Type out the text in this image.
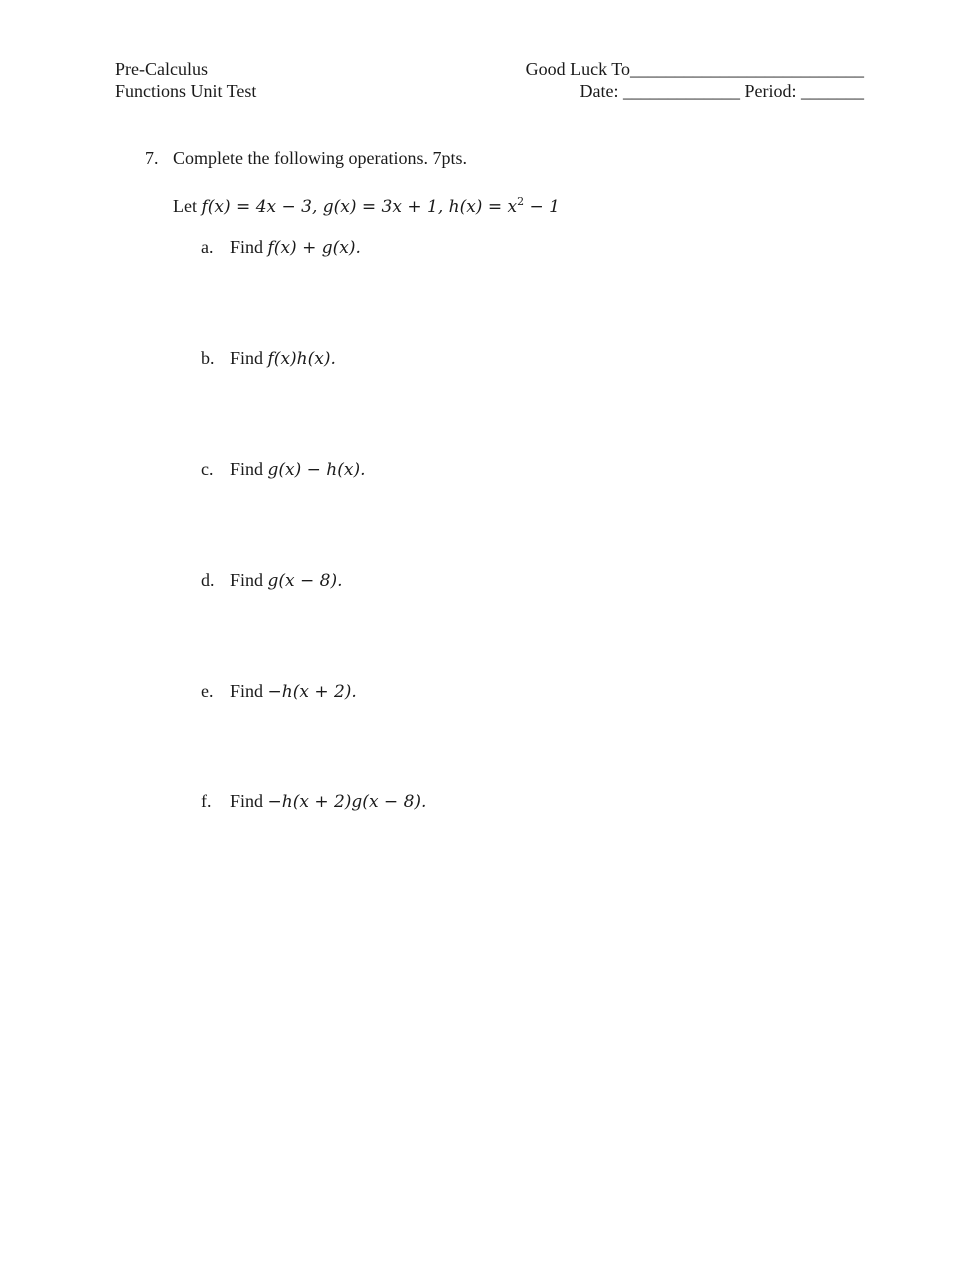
Pre-Calculus
Functions Unit Test
Good Luck To__________________________
Date: _____________ Period: _______
7. Complete the following operations. 7pts.
Let f(x) = 4x − 3, g(x) = 3x + 1, $h(x) = x^2 - 1$
a. Find f(x) + g(x).
b. Find f(x)h(x).
c. Find g(x) − h(x).
d. Find g(x − 8).
e. Find −h(x + 2).
f. Find −h(x + 2)g(x − 8).
